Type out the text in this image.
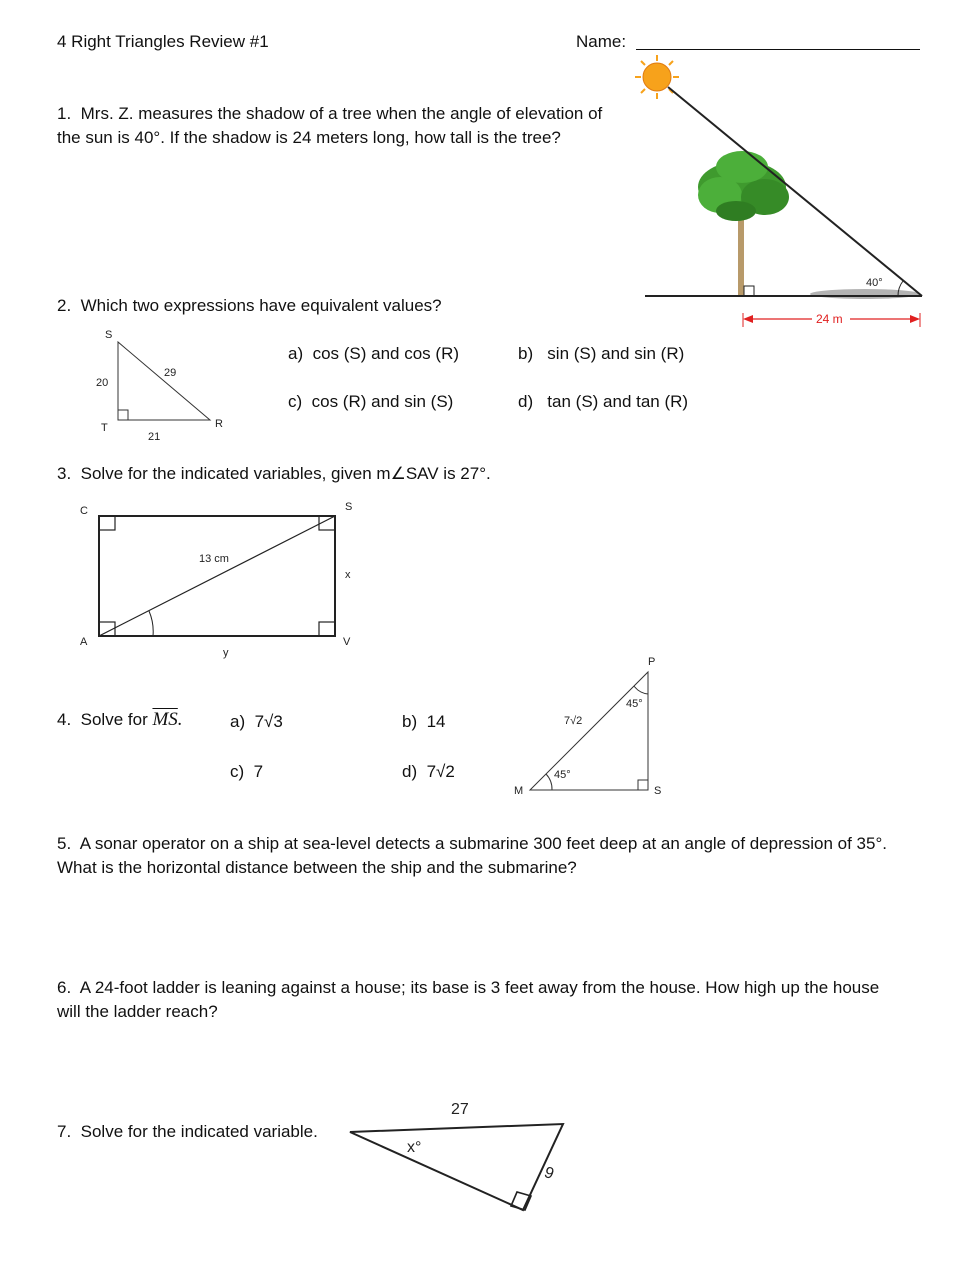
4 Right Triangles Review #1	Name:
1. Mrs. Z. measures the shadow of a tree when the angle of elevation of
the sun is 40°. If the shadow is 24 meters long, how tall is the tree?
40°
24 m
2. Which two expressions have equivalent values?
S
T	R
20
21
29
a) cos (S) and cos (R)	b) sin (S) and sin (R)
c) cos (R) and sin (S)	d) tan (S) and tan (R)
3. Solve for the indicated variables, given m∠SAV is 27°.
C	S
A	V
13 cm
x
y
4. Solve for $\overline{MS}$.	a) 7√3	b) 14
c) 7	d) 7√2
P
M	S
7√2
45°
45°
5. A sonar operator on a ship at sea-level detects a submarine 300 feet deep at an angle of depression of 35°.
What is the horizontal distance between the ship and the submarine?
6. A 24-foot ladder is leaning against a house; its base is 3 feet away from the house. How high up the house
will the ladder reach?
7. Solve for the indicated variable.
27
9
x°
